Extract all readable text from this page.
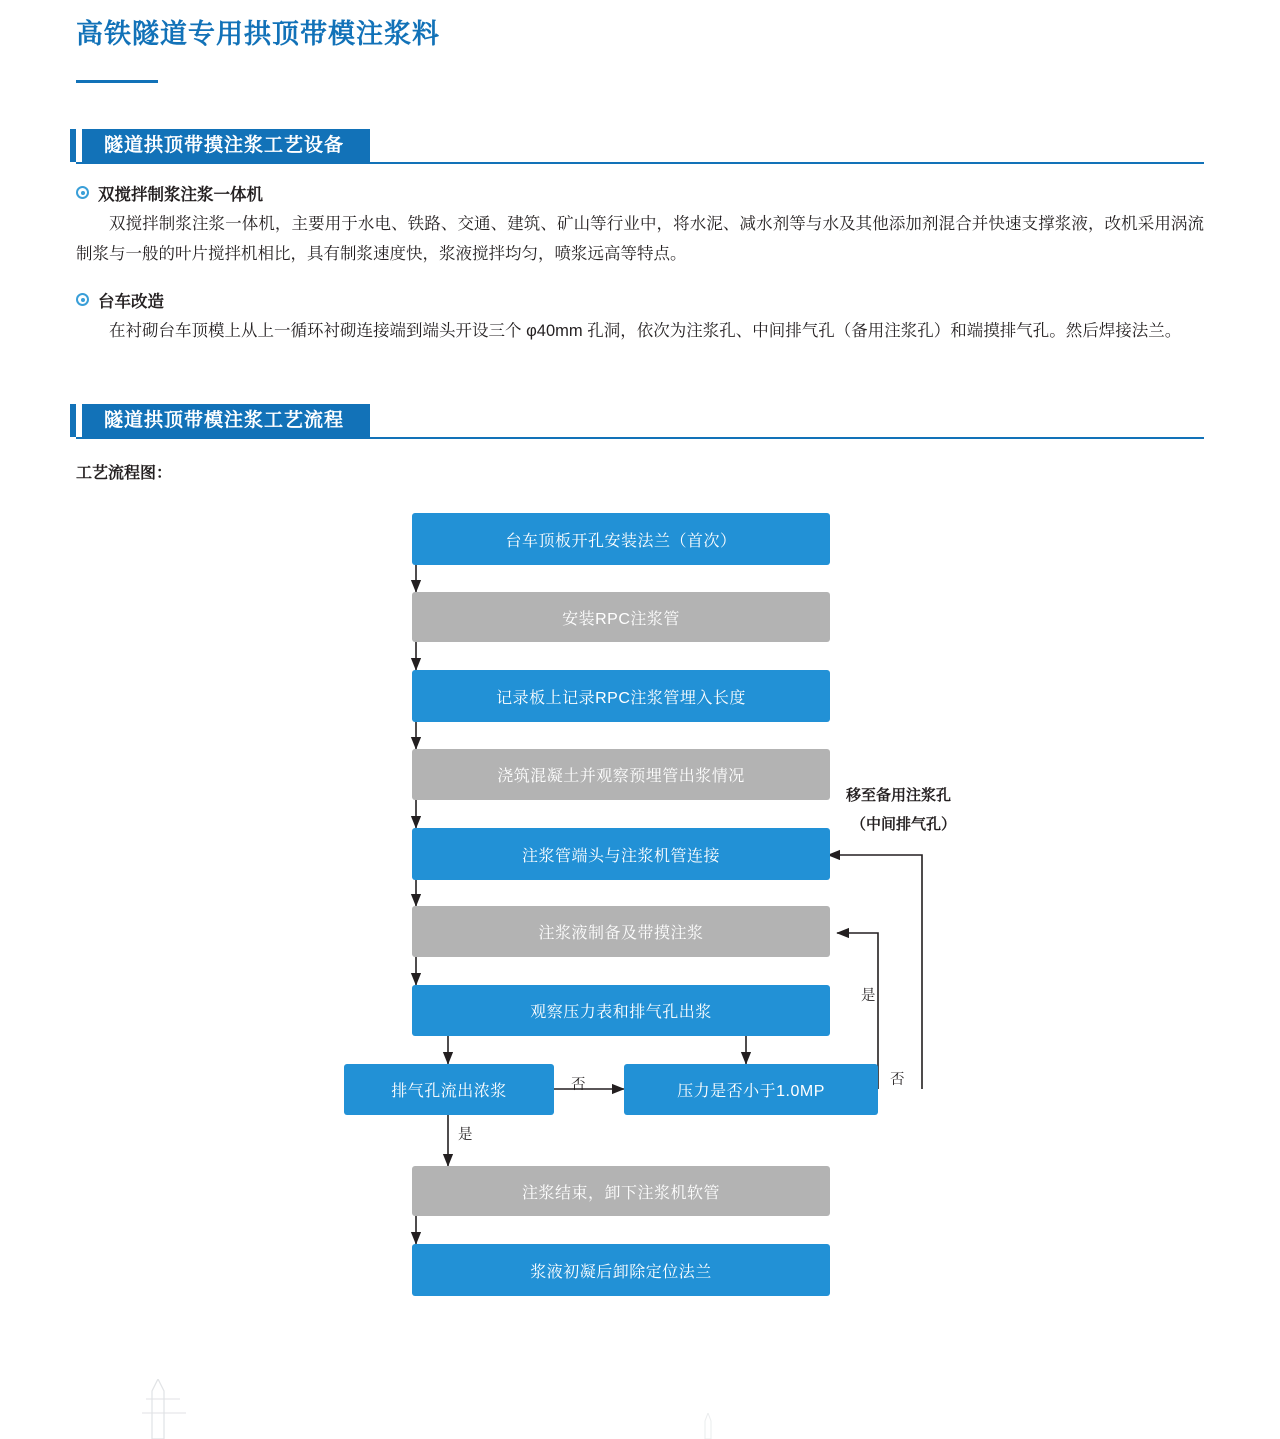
高铁隧道专用拱顶带模注浆料
隧道拱顶带摸注浆工艺设备
双搅拌制浆注浆一体机
双搅拌制浆注浆一体机，主要用于水电、铁路、交通、建筑、矿山等行业中，将水泥、减水剂等与水及其他添加剂混合并快速支撑浆液，改机采用涡流制浆与一般的叶片搅拌机相比，具有制浆速度快，浆液搅拌均匀，喷浆远高等特点。
台车改造
在衬砌台车顶模上从上一循环衬砌连接端到端头开设三个 φ40mm 孔洞，依次为注浆孔、中间排气孔（备用注浆孔）和端摸排气孔。然后焊接法兰。
隧道拱顶带模注浆工艺流程
工艺流程图：
台车顶板开孔安装法兰（首次）
安装RPC注浆管
记录板上记录RPC注浆管埋入长度
浇筑混凝土并观察预埋管出浆情况
注浆管端头与注浆机管连接
注浆液制备及带摸注浆
观察压力表和排气孔出浆
排气孔流出浓浆	压力是否小于1.0MP
注浆结束，卸下注浆机软管
浆液初凝后卸除定位法兰
否
是
否
是
移至备用注浆孔
（中间排气孔）
